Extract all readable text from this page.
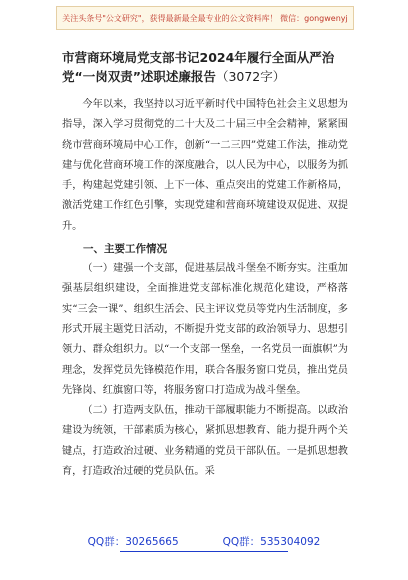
关注头条号"公文研究"，获得最新最全最专业的公文资料库！ 微信：gongwenyj

市营商环境局党支部书记2024年履行全面从严治党“一岗双责”述职述廉报告（3072字）

今年以来，我坚持以习近平新时代中国特色社会主义思想为指导，深入学习贯彻党的二十大及二十届三中全会精神，紧紧围绕市营商环境局中心工作，创新“一二三四”党建工作法，推动党建与优化营商环境工作的深度融合，以人民为中心，以服务为抓手，构建起党建引领、上下一体、重点突出的党建工作新格局，激活党建工作红色引擎，实现党建和营商环境建设双促进、双提升。

一、主要工作情况

（一）建强一个支部，促进基层战斗堡垒不断夯实。注重加强基层组织建设，全面推进党支部标准化规范化建设，严格落实“三会一课”、组织生活会、民主评议党员等党内生活制度，多形式开展主题党日活动，不断提升党支部的政治领导力、思想引领力、群众组织力。以“一个支部一堡垒，一名党员一面旗帜”为理念，发挥党员先锋模范作用，联合各服务窗口党员，推出党员先锋岗、红旗窗口等，将服务窗口打造成为战斗堡垒。

（二）打造两支队伍，推动干部履职能力不断提高。以政治建设为统领，干部素质为核心，紧抓思想教育、能力提升两个关键点，打造政治过硬、业务精通的党员干部队伍。一是抓思想教育，打造政治过硬的党员队伍。采

QQ群：30265665	QQ群：535304092
